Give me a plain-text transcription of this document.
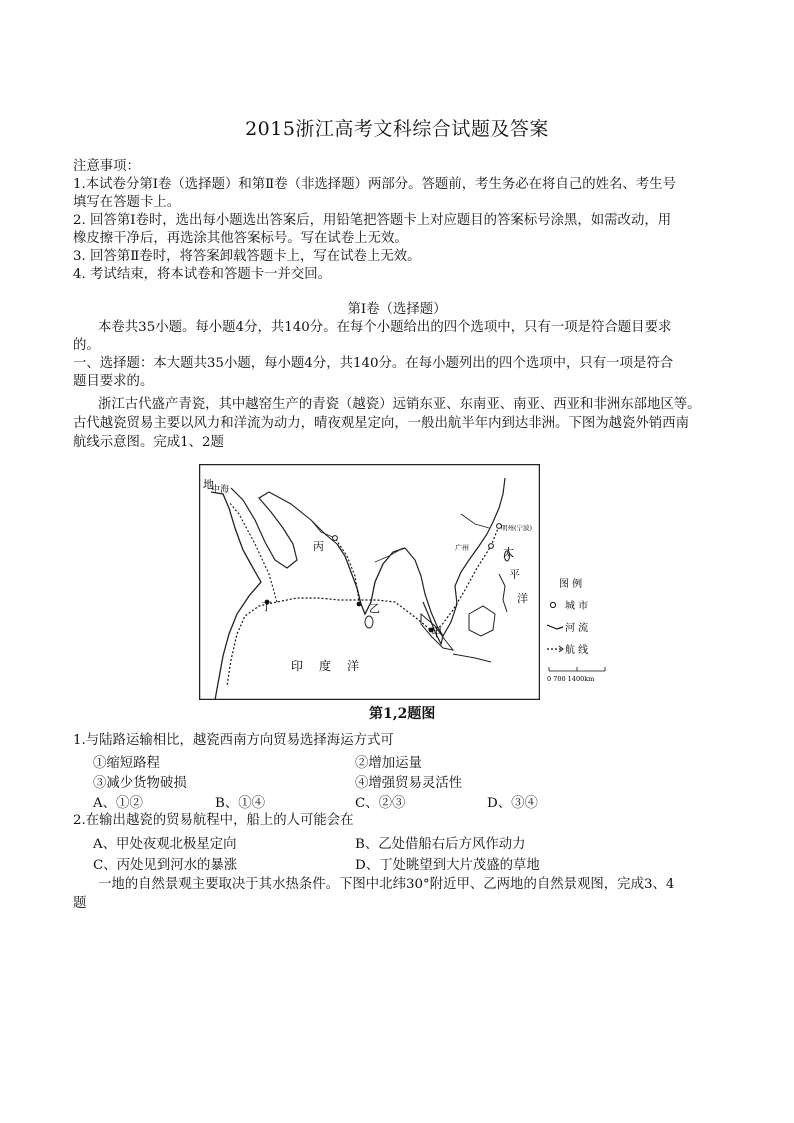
2015浙江高考文科综合试题及答案
注意事项：
1.本试卷分第Ⅰ卷（选择题）和第Ⅱ卷（非选择题）两部分。答题前，考生务必在将自己的姓名、考生号
填写在答题卡上。
2. 回答第Ⅰ卷时，选出每小题选出答案后，用铅笔把答题卡上对应题目的答案标号涂黑，如需改动，用
橡皮擦干净后，再选涂其他答案标号。写在试卷上无效。
3. 回答第Ⅱ卷时，将答案卸载答题卡上，写在试卷上无效。
4. 考试结束，将本试卷和答题卡一并交回。
第Ⅰ卷（选择题）
本卷共35小题。每小题4分，共140分。在每个小题给出的四个选项中，只有一项是符合题目要求
的。
一、选择题：本大题共35小题，每小题4分，共140分。在每小题列出的四个选项中，只有一项是符合
题目要求的。
浙江古代盛产青瓷，其中越窑生产的青瓷（越瓷）远销东亚、东南亚、南亚、西亚和非洲东部地区等。
古代越瓷贸易主要以风力和洋流为动力，晴夜观星定向，一般出航半年内到达非洲。下图为越瓷外销西南
航线示意图。完成1、2题
地
中海
丙
丁	乙
甲
明州(宁波)
广州	太
平
洋
印 度 洋
图 例
城 市
河 流
航 线
0 700 1400km
第1,2题图
1.与陆路运输相比，越瓷西南方向贸易选择海运方式可
①缩短路程	②增加运量
③减少货物破损	④增强贸易灵活性
A、①②	B、①④	C、②③	D、③④
2.在输出越瓷的贸易航程中，船上的人可能会在
A、甲处夜观北极星定向	B、乙处借船右后方风作动力
C、丙处见到河水的暴涨	D、丁处眺望到大片茂盛的草地
一地的自然景观主要取决于其水热条件。下图中北纬30°附近甲、乙两地的自然景观图，完成3、4
题
